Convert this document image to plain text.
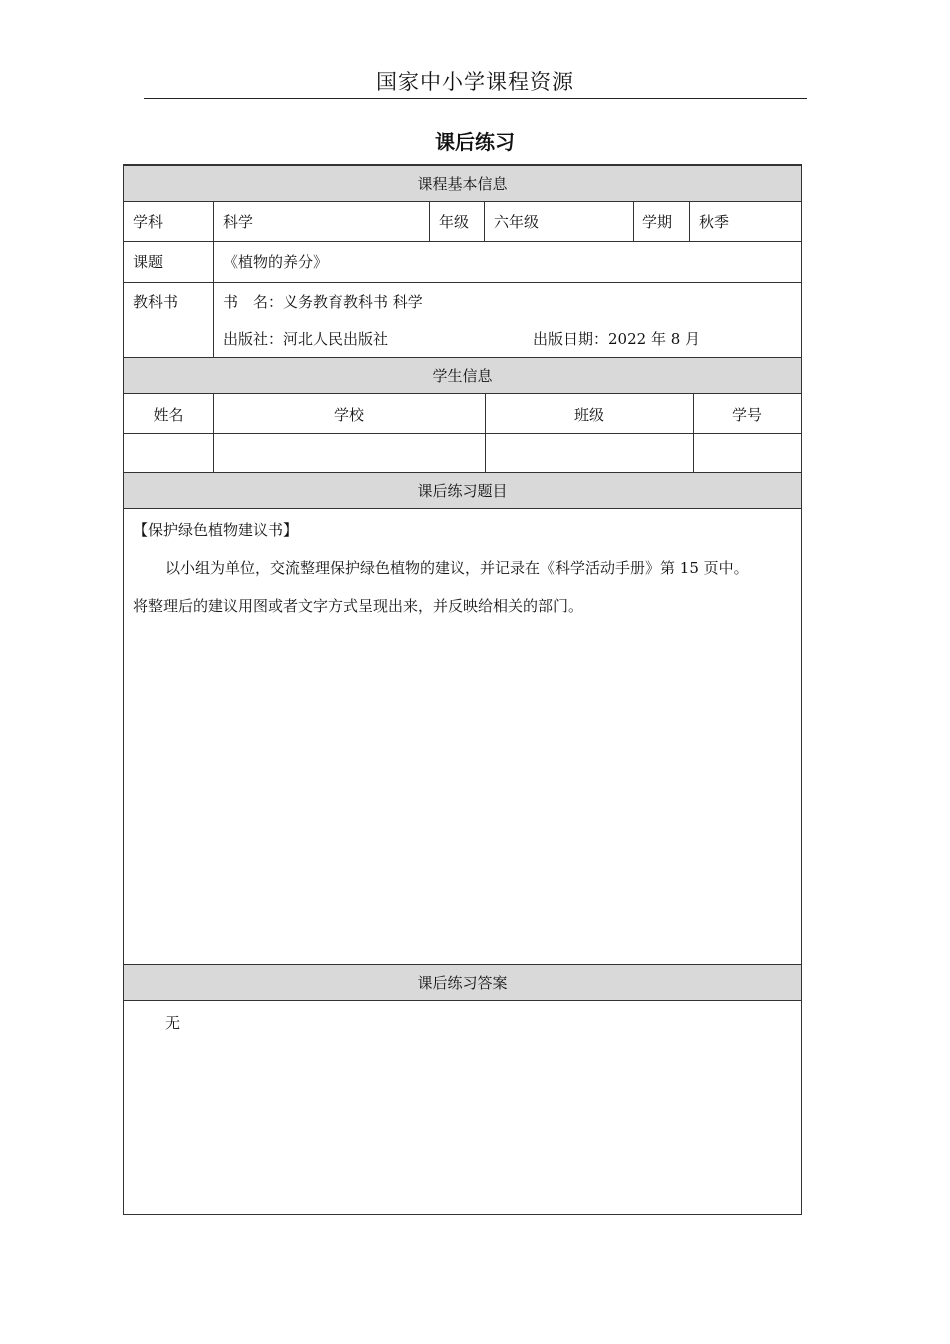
国家中小学课程资源
课后练习
课程基本信息
学科	科学	年级 六年级	学期 秋季
课题	《植物的养分》
教科书	书　名：义务教育教科书 科学
出版社：河北人民出版社	出版日期：2022 年 8 月
学生信息
姓名	学校	班级	学号
课后练习题目
【保护绿色植物建议书】
以小组为单位，交流整理保护绿色植物的建议，并记录在《科学活动手册》第 15 页中。
将整理后的建议用图或者文字方式呈现出来，并反映给相关的部门。
课后练习答案
无
